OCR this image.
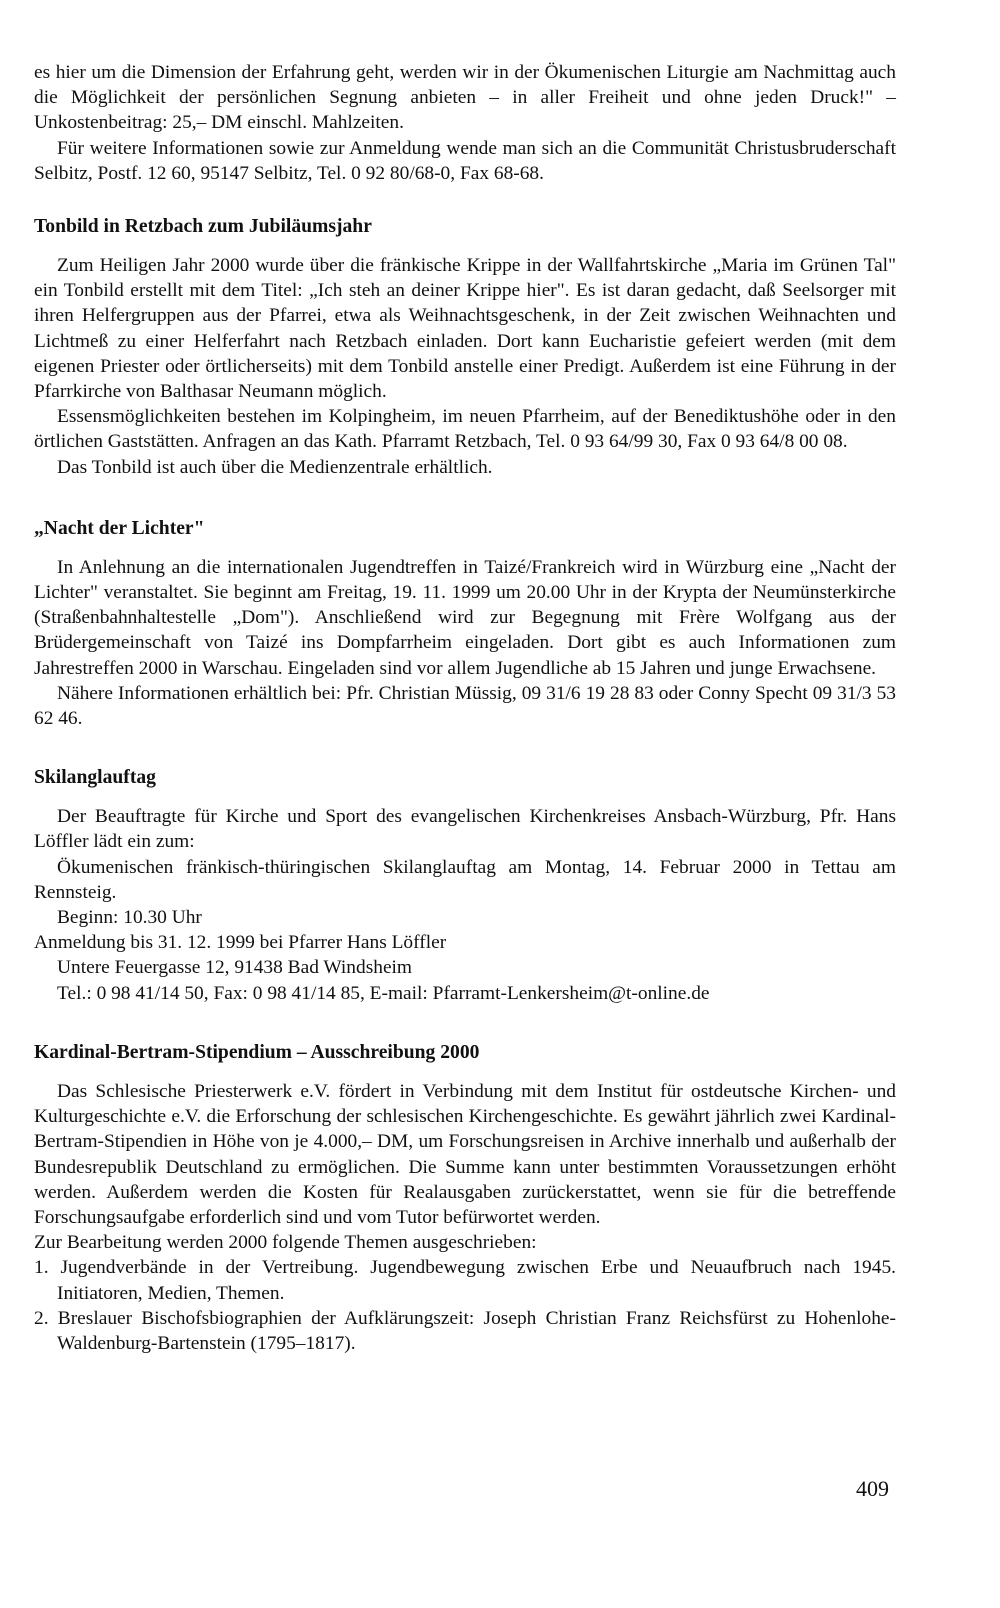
es hier um die Dimension der Erfahrung geht, werden wir in der Ökumenischen Liturgie am Nachmittag auch die Möglichkeit der persönlichen Segnung anbieten – in aller Freiheit und ohne jeden Druck!" – Unkostenbeitrag: 25,– DM einschl. Mahlzeiten.

Für weitere Informationen sowie zur Anmeldung wende man sich an die Communität Christusbruderschaft Selbitz, Postf. 12 60, 95147 Selbitz, Tel. 0 92 80/68-0, Fax 68-68.

Tonbild in Retzbach zum Jubiläumsjahr

Zum Heiligen Jahr 2000 wurde über die fränkische Krippe in der Wallfahrtskirche „Maria im Grünen Tal" ein Tonbild erstellt mit dem Titel: „Ich steh an deiner Krippe hier". Es ist daran gedacht, daß Seelsorger mit ihren Helfergruppen aus der Pfarrei, etwa als Weihnachtsgeschenk, in der Zeit zwischen Weihnachten und Lichtmeß zu einer Helferfahrt nach Retzbach einladen. Dort kann Eucharistie gefeiert werden (mit dem eigenen Priester oder örtlicherseits) mit dem Tonbild anstelle einer Predigt. Außerdem ist eine Führung in der Pfarrkirche von Balthasar Neumann möglich.

Essensmöglichkeiten bestehen im Kolpingheim, im neuen Pfarrheim, auf der Benediktushöhe oder in den örtlichen Gaststätten. Anfragen an das Kath. Pfarramt Retzbach, Tel. 0 93 64/99 30, Fax 0 93 64/8 00 08.

Das Tonbild ist auch über die Medienzentrale erhältlich.

„Nacht der Lichter"

In Anlehnung an die internationalen Jugendtreffen in Taizé/Frankreich wird in Würzburg eine „Nacht der Lichter" veranstaltet. Sie beginnt am Freitag, 19. 11. 1999 um 20.00 Uhr in der Krypta der Neumünsterkirche (Straßenbahnhaltestelle „Dom"). Anschließend wird zur Begegnung mit Frère Wolfgang aus der Brüdergemeinschaft von Taizé ins Dompfarrheim eingeladen. Dort gibt es auch Informationen zum Jahrestreffen 2000 in Warschau. Eingeladen sind vor allem Jugendliche ab 15 Jahren und junge Erwachsene.

Nähere Informationen erhältlich bei: Pfr. Christian Müssig, 09 31/6 19 28 83 oder Conny Specht 09 31/3 53 62 46.

Skilanglauftag

Der Beauftragte für Kirche und Sport des evangelischen Kirchenkreises Ansbach-Würzburg, Pfr. Hans Löffler lädt ein zum:

Ökumenischen fränkisch-thüringischen Skilanglauftag am Montag, 14. Februar 2000 in Tettau am Rennsteig.

Beginn: 10.30 Uhr

Anmeldung bis 31. 12. 1999 bei Pfarrer Hans Löffler

Untere Feuergasse 12, 91438 Bad Windsheim

Tel.: 0 98 41/14 50, Fax: 0 98 41/14 85, E-mail: Pfarramt-Lenkersheim@t-online.de

Kardinal-Bertram-Stipendium – Ausschreibung 2000

Das Schlesische Priesterwerk e.V. fördert in Verbindung mit dem Institut für ostdeutsche Kirchen- und Kulturgeschichte e.V. die Erforschung der schlesischen Kirchengeschichte. Es gewährt jährlich zwei Kardinal-Bertram-Stipendien in Höhe von je 4.000,– DM, um Forschungsreisen in Archive innerhalb und außerhalb der Bundesrepublik Deutschland zu ermöglichen. Die Summe kann unter bestimmten Voraussetzungen erhöht werden. Außerdem werden die Kosten für Realausgaben zurückerstattet, wenn sie für die betreffende Forschungsaufgabe erforderlich sind und vom Tutor befürwortet werden.

Zur Bearbeitung werden 2000 folgende Themen ausgeschrieben:

1. Jugendverbände in der Vertreibung. Jugendbewegung zwischen Erbe und Neuaufbruch nach 1945. Initiatoren, Medien, Themen.

2. Breslauer Bischofsbiographien der Aufklärungszeit: Joseph Christian Franz Reichsfürst zu Hohenlohe-Waldenburg-Bartenstein (1795–1817).

409
